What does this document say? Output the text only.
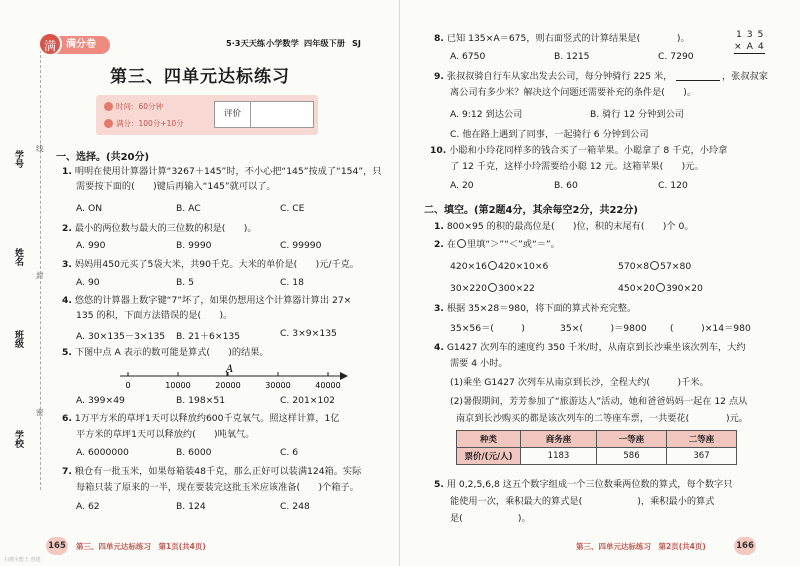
学号
姓名
班级
学校
线
封
密
满分卷
满	5·3天天练 小学数学 四年级下册 SJ
第三、四单元达标练习
时间：60分钟
满分：100分+10分
评价
一、选择。(共20分)
1. 明明在使用计算器计算“3267＋145”时，不小心把“145”按成了“154”，只
需要按下面的(　　)键后再输入“145”就可以了。
A. ON	B. AC	C. CE
2. 最小的两位数与最大的三位数的积是(　　)。
A. 990	B. 9990	C. 99990
3. 妈妈用450元买了5袋大米，共90千克。大米的单价是(　　)元/千克。
A. 90	B. 5	C. 18
4. 悠悠的计算器上数字键“7”坏了，如果仍想用这个计算器计算出 27×
135 的积，下面方法错误的是(　　)。
A. 30×135－3×135 B. 21＋6×135	C. 3×9×135
5. 下图中点 A 表示的数可能是算式(　　)的结果。
0	10000	20000	30000	40000
A
A. 399×49	B. 198×51	C. 201×102
6. 1万平方米的草坪1天可以释放约600千克氧气。照这样计算，1亿
平方米的草坪1天可以释放约(　　)吨氧气。
A. 6000000	B. 6000	C. 6
7. 粮仓有一批玉米，如果每箱装48千克，那么正好可以装满124箱。实际
每箱只装了原来的一半，现在要装完这批玉米应该准备(　　)个箱子。
A. 62	B. 124	C. 248
165 第三、四单元达标练习　第1页(共4页)
扫描全能王 创建
8. 已知 135×A＝675，则右面竖式的计算结果是(　　　　)。	1 3 5
× A 4
A. 6750	B. 1215	C. 7290
9. 张叔叔骑自行车从家出发去公司，每分钟骑行 225 米，	，张叔叔家
离公司有多少米？解决这个问题还需要补充的条件是(　　)。
A. 9:12 到达公司	B. 骑行 12 分钟到公司
C. 他在路上遇到了同事，一起骑行 6 分钟到公司
10. 小聪和小玲花同样多的钱合买了一箱苹果。小聪拿了 8 千克，小玲拿
了 12 千克，这样小玲需要给小聪 12 元。这箱苹果(　　)元。
A. 20	B. 60	C. 120
二、填空。(第2题4分，其余每空2分，共22分)
1. 800×95 的积的最高位是(　　)位，积的末尾有(　　)个 0。
2. 在 里填“＞”“＜”或“＝”。
420×16 420×10×6	570×8 57×80
30×220 300×22	450×20 390×20
3. 根据 35×28＝980，将下面的算式补充完整。
35×56＝(　　　)	35×(　　　)＝9800	(　　　)×14＝980
4. G1427 次列车的速度约 350 千米/时，从南京到长沙乘坐该次列车，大约
需要 4 小时。
(1)乘坐 G1427 次列车从南京到长沙，全程大约(　　　)千米。
(2)暑假期间，芳芳参加了“旅游达人”活动，她和爸爸妈妈一起在 12 点从
南京到长沙购买的都是该次列车的二等座车票，一共要花(　　　　)元。
种类	商务座	一等座	二等座
票价/(元/人)	1183	586	367
5. 用 0,2,5,6,8 这五个数字组成一个三位数乘两位数的算式，每个数字只
能使用一次，乘积最大的算式是(　　　　　　)，乘积最小的算式
是(　　　　　　)。
第三、四单元达标练习　第2页(共4页)	166
